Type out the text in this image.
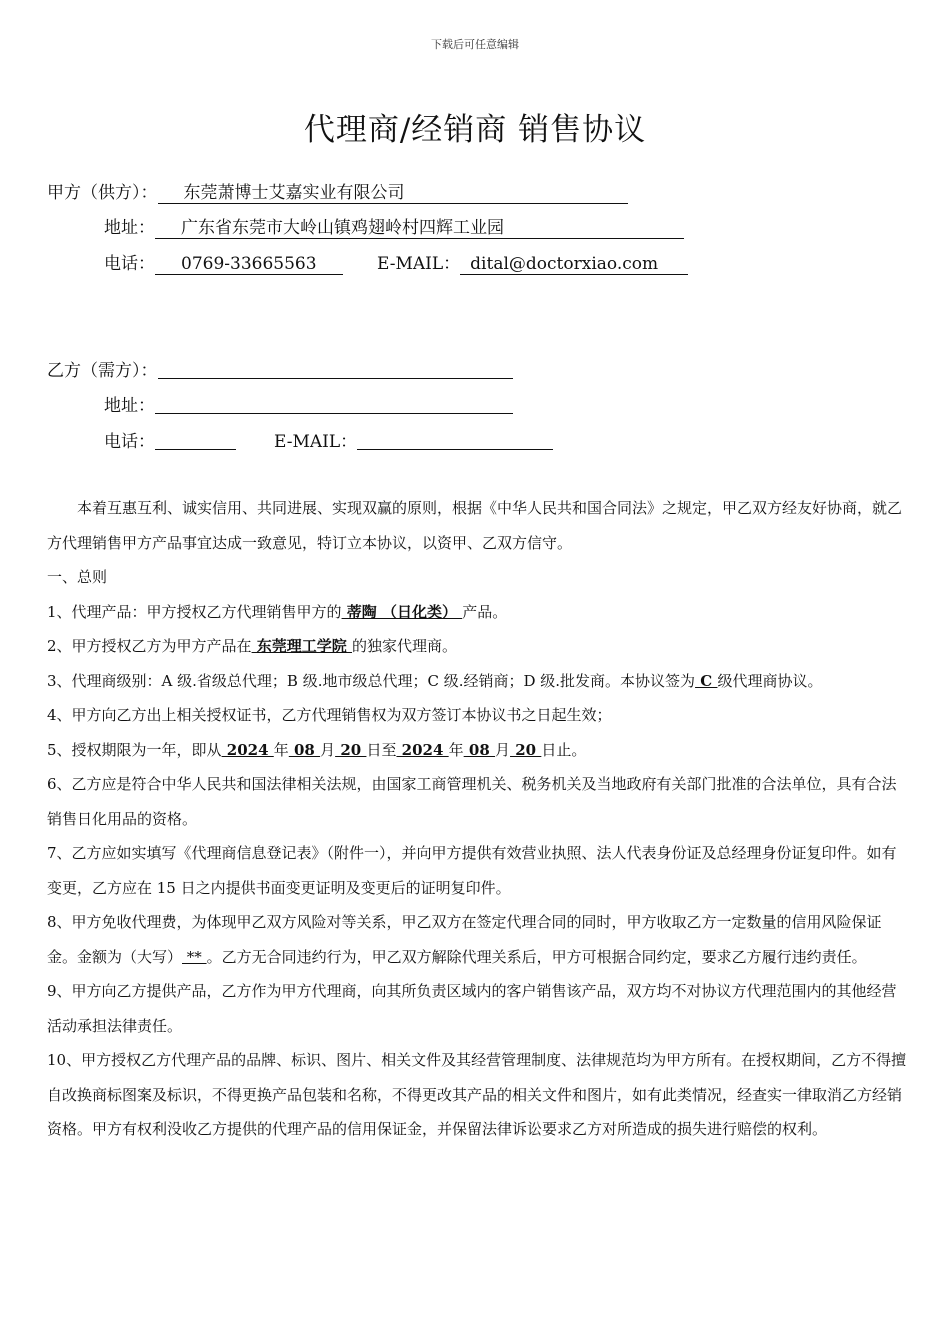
下载后可任意编辑
代理商/经销商 销售协议
甲方（供方）： 东莞萧博士艾嘉实业有限公司
地址： 广东省东莞市大岭山镇鸡翅岭村四辉工业园
电话： 0769-33665563	E-MAIL： dital@doctorxiao.com
乙方（需方）：
地址：
电话：	E-MAIL：

本着互惠互利、诚实信用、共同进展、实现双赢的原则，根据《中华人民共和国合同法》之规定，甲乙双方经友好协商，就乙方代理销售甲方产品事宜达成一致意见，特订立本协议，以资甲、乙双方信守。

一、总则

1、代理产品：甲方授权乙方代理销售甲方的 蒂陶 （日化类） 产品。

2、甲方授权乙方为甲方产品在 东莞理工学院 的独家代理商。

3、代理商级别：A 级.省级总代理；B 级.地市级总代理；C 级.经销商；D 级.批发商。本协议签为 C 级代理商协议。

4、甲方向乙方出上相关授权证书，乙方代理销售权为双方签订本协议书之日起生效；

5、授权期限为一年，即从 2024 年 08 月 20 日至 2024 年 08 月 20 日止。

6、乙方应是符合中华人民共和国法律相关法规，由国家工商管理机关、税务机关及当地政府有关部门批准的合法单位，具有合法销售日化用品的资格。

7、乙方应如实填写《代理商信息登记表》（附件一），并向甲方提供有效营业执照、法人代表身份证及总经理身份证复印件。如有变更，乙方应在 15 日之内提供书面变更证明及变更后的证明复印件。

8、甲方免收代理费，为体现甲乙双方风险对等关系，甲乙双方在签定代理合同的同时，甲方收取乙方一定数量的信用风险保证金。金额为（大写） ** 。乙方无合同违约行为，甲乙双方解除代理关系后，甲方可根据合同约定，要求乙方履行违约责任。

9、甲方向乙方提供产品，乙方作为甲方代理商，向其所负责区域内的客户销售该产品，双方均不对协议方代理范围内的其他经营活动承担法律责任。

10、甲方授权乙方代理产品的品牌、标识、图片、相关文件及其经营管理制度、法律规范均为甲方所有。在授权期间，乙方不得擅自改换商标图案及标识，不得更换产品包装和名称，不得更改其产品的相关文件和图片，如有此类情况，经查实一律取消乙方经销资格。甲方有权利没收乙方提供的代理产品的信用保证金，并保留法律诉讼要求乙方对所造成的损失进行赔偿的权利。
